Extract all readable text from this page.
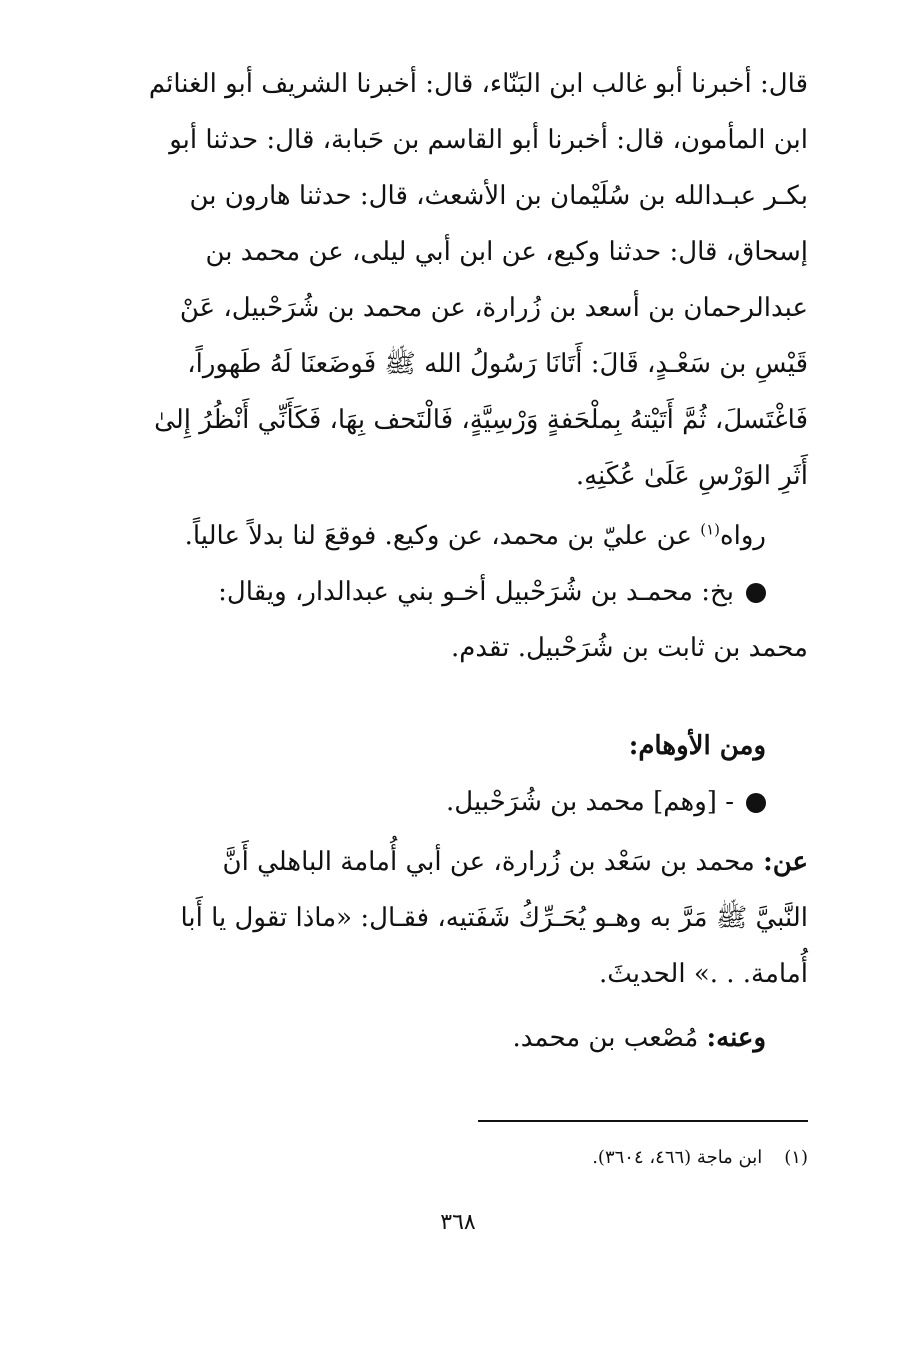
قال: أخبرنا أبو غالب ابن البَنّاء، قال: أخبرنا الشريف أبو الغنائم

ابن المأمون، قال: أخبرنا أبو القاسم بن حَبابة، قال: حدثنا أبو

بكـر عبـدالله بن سُلَيْمان بن الأشعث، قال: حدثنا هارون بن

إسحاق، قال: حدثنا وكيع، عن ابن أبي ليلى، عن محمد بن

عبدالرحمان بن أسعد بن زُرارة، عن محمد بن شُرَحْبيل، عَنْ

قَيْسِ بن سَعْـدٍ، قَالَ: أَتَانَا رَسُولُ الله ﷺ فَوضَعنَا لَهُ طَهوراً،

فَاغْتَسلَ، ثُمَّ أَتَيْتهُ بِملْحَفةٍ وَرْسِيَّةٍ، فَالْتَحف بِهَا، فَكَأَنِّي أَنْظُرُ إِلىٰ

أَثَرِ الوَرْسِ عَلَىٰ عُكَنِهِ.

رواه$^{(١)}$ عن عليّ بن محمد، عن وكيع. فوقعَ لنا بدلاً عالياً.

بخ: محمـد بن شُرَحْبيل أخـو بني عبدالدار، ويقال:

محمد بن ثابت بن شُرَحْبيل. تقدم.

ومن الأوهام:

- [وهم] محمد بن شُرَحْبيل.

عن: محمد بن سَعْد بن زُرارة، عن أبي أُمامة الباهلي أَنَّ

النَّبيَّ ﷺ مَرَّ به وهـو يُحَـرِّكُ شَفَتيه، فقـال: «ماذا تقول يا أَبا

أُمامة. . .» الحديثَ.

وعنه: مُصْعب بن محمد.

(١)ابن ماجة (٤٦٦، ٣٦٠٤).
٣٦٨
